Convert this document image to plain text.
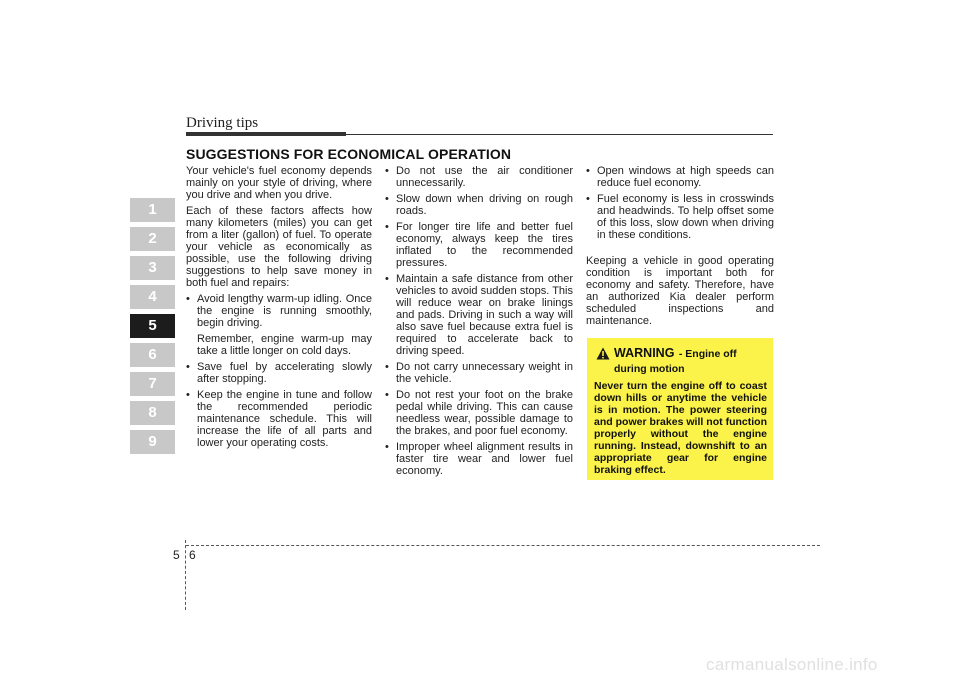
Driving tips
SUGGESTIONS FOR ECONOMICAL OPERATION
1
2
3
4
5
6
7
8
9

Your vehicle's fuel economy depends mainly on your style of driving, where you drive and when you drive.

Each of these factors affects how many kilometers (miles) you can get from a liter (gallon) of fuel. To operate your vehicle as economically as possible, use the following driving suggestions to help save money in both fuel and repairs:

• Avoid lengthy warm-up idling. Once the engine is running smoothly, begin driving.
Remember, engine warm-up may take a little longer on cold days.
• Save fuel by accelerating slowly after stopping.
• Keep the engine in tune and follow the recommended periodic maintenance schedule. This will increase the life of all parts and lower your operating costs.
• Do not use the air conditioner unnecessarily.
• Slow down when driving on rough roads.
• For longer tire life and better fuel economy, always keep the tires inflated to the recommended pressures.
• Maintain a safe distance from other vehicles to avoid sudden stops. This will reduce wear on brake linings and pads. Driving in such a way will also save fuel because extra fuel is required to accelerate back to driving speed.
• Do not carry unnecessary weight in the vehicle.
• Do not rest your foot on the brake pedal while driving. This can cause needless wear, possible damage to the brakes, and poor fuel economy.
• Improper wheel alignment results in faster tire wear and lower fuel economy.
• Open windows at high speeds can reduce fuel economy.
• Fuel economy is less in crosswinds and headwinds. To help offset some of this loss, slow down when driving in these conditions.

Keeping a vehicle in good operating condition is important both for economy and safety. Therefore, have an authorized Kia dealer perform scheduled inspections and maintenance.

WARNING - Engine off during motion
Never turn the engine off to coast down hills or anytime the vehicle is in motion. The power steering and power brakes will not function properly without the engine running. Instead, downshift to an appropriate gear for engine braking effect.
5 6
carmanualsonline.info
